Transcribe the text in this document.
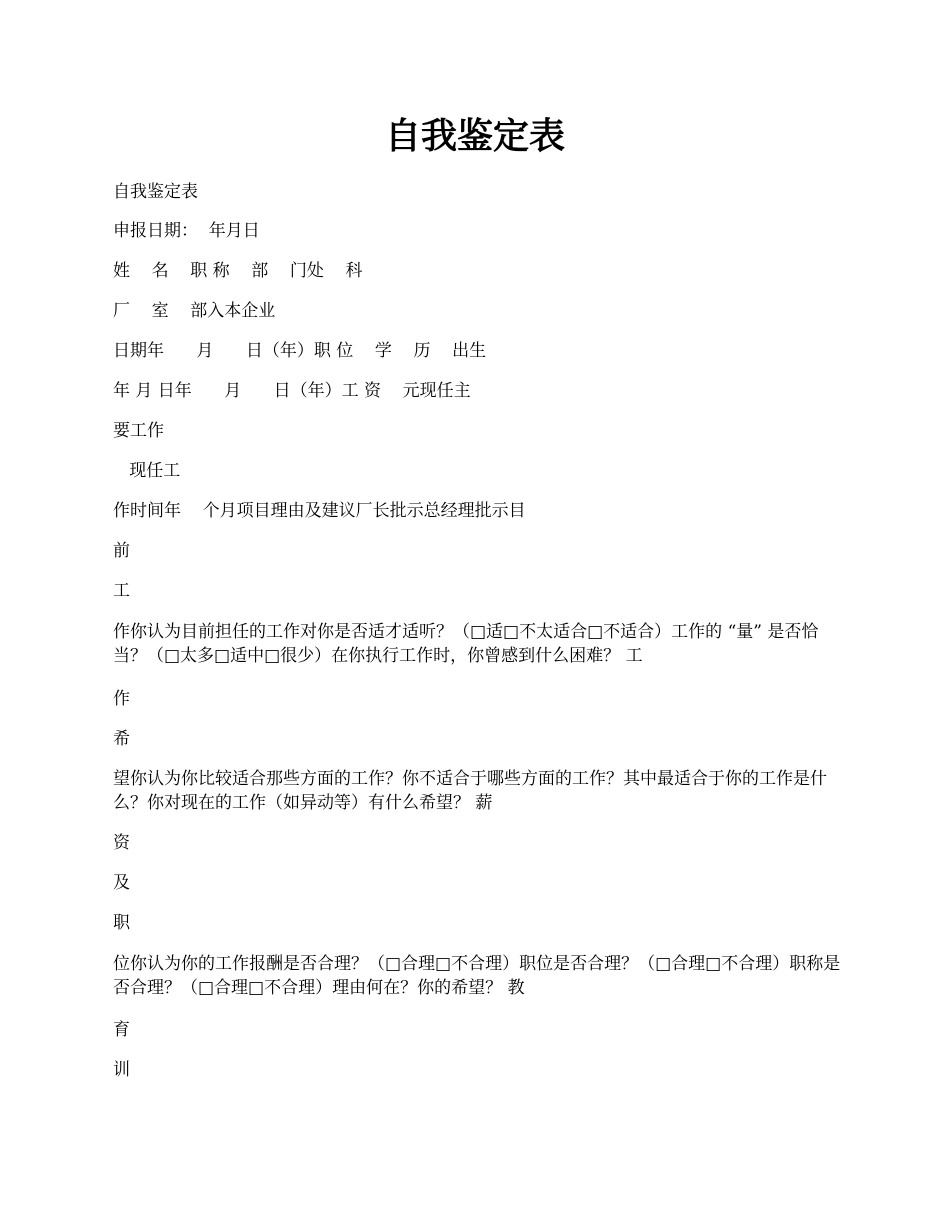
自我鉴定表

自我鉴定表

申报日期：  年月日

姓    名    职 称    部    门处    科

厂    室    部入本企业

日期年      月      日（年）职 位    学    历    出生

年 月 日年      月      日（年）工 资    元现任主

要工作

现任工

作时间年    个月项目理由及建议厂长批示总经理批示目

前

工

作你认为目前担任的工作对你是否适才适听？（□适□不太适合□不适合）工作的 “量” 是否恰当？（□太多□适中□很少）在你执行工作时，你曾感到什么困难？ 工

作

希

望你认为你比较适合那些方面的工作？你不适合于哪些方面的工作？其中最适合于你的工作是什么？你对现在的工作（如异动等）有什么希望？ 薪

资

及

职

位你认为你的工作报酬是否合理？（□合理□不合理）职位是否合理？（□合理□不合理）职称是否合理？（□合理□不合理）理由何在？你的希望？ 教

育

训
